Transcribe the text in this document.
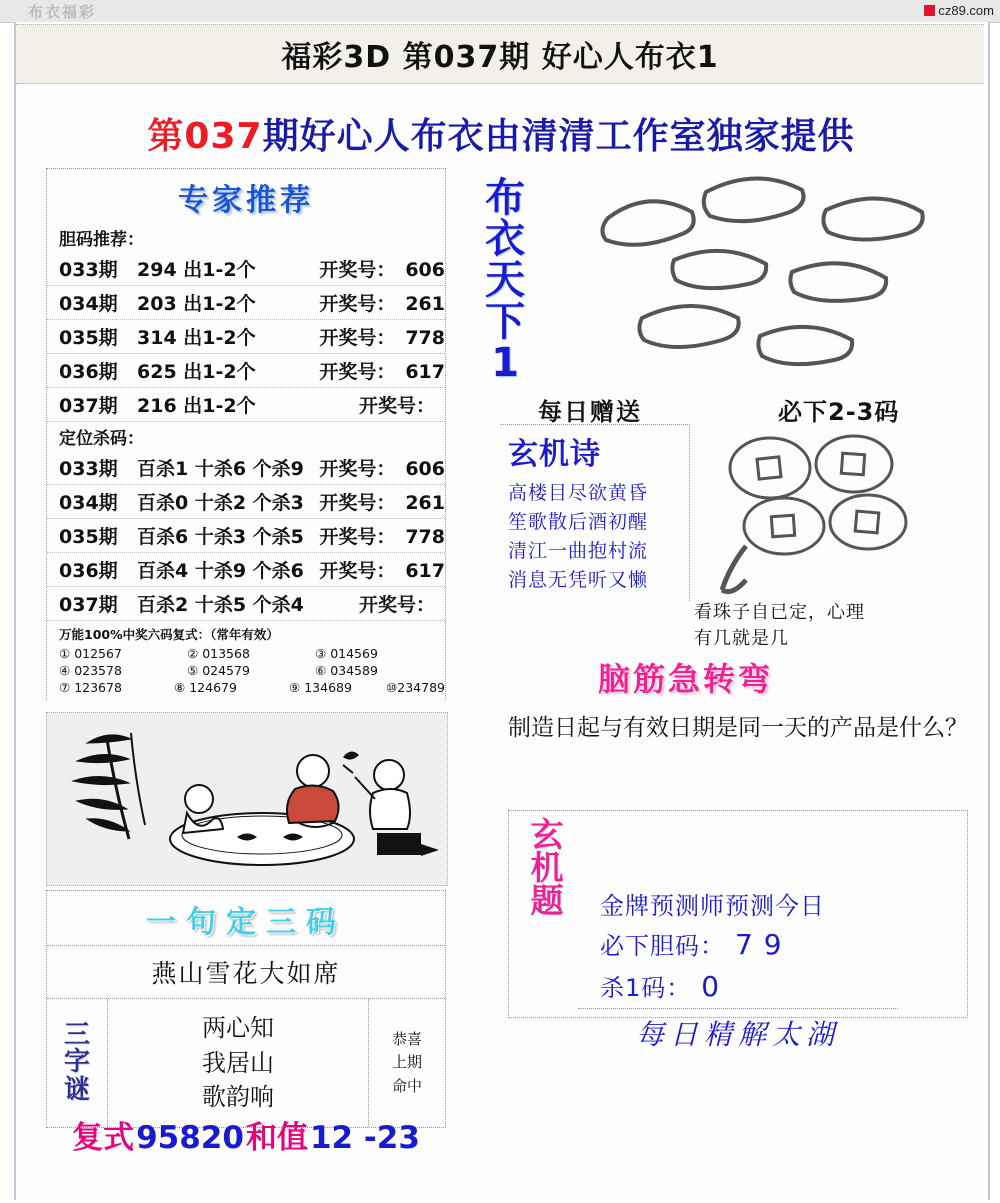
布衣福彩	cz89.com
福彩3D 第037期 好心人布衣1
第037期好心人布衣由清清工作室独家提供
专家推荐
胆码推荐：
033期	294 出1-2个	开奖号： 606
034期	203 出1-2个	开奖号： 261
035期	314 出1-2个	开奖号： 778
036期	625 出1-2个	开奖号： 617
037期	216 出1-2个	开奖号：
定位杀码：
033期	百杀1 十杀6 个杀9 开奖号： 606
034期	百杀0 十杀2 个杀3 开奖号： 261
035期	百杀6 十杀3 个杀5 开奖号： 778
036期	百杀4 十杀9 个杀6 开奖号： 617
037期	百杀2 十杀5 个杀4	开奖号：
万能100%中奖六码复式：（常年有效）
① 012567	② 013568	③ 014569
④ 023578	⑤ 024579	⑥ 034589
⑦ 123678	⑧ 124679	⑨ 134689	⑩234789
一句定三码
燕山雪花大如席
三
字
谜
两心知
我居山
歌韵响
恭喜
上期
命中
复式 95820 和值 12 -23
布
衣
天
下
1
每日赠送	必下2-3码
玄机诗
高楼目尽欲黄昏
笙歌散后酒初醒
清江一曲抱村流
消息无凭听又懒
看珠子自已定，心理
有几就是几
脑筋急转弯
制造日起与有效日期是同一天的产品是什么？
玄
机
题	金牌预测师预测今日
必下胆码： 7 9
杀1码： 0
每日精解太湖
